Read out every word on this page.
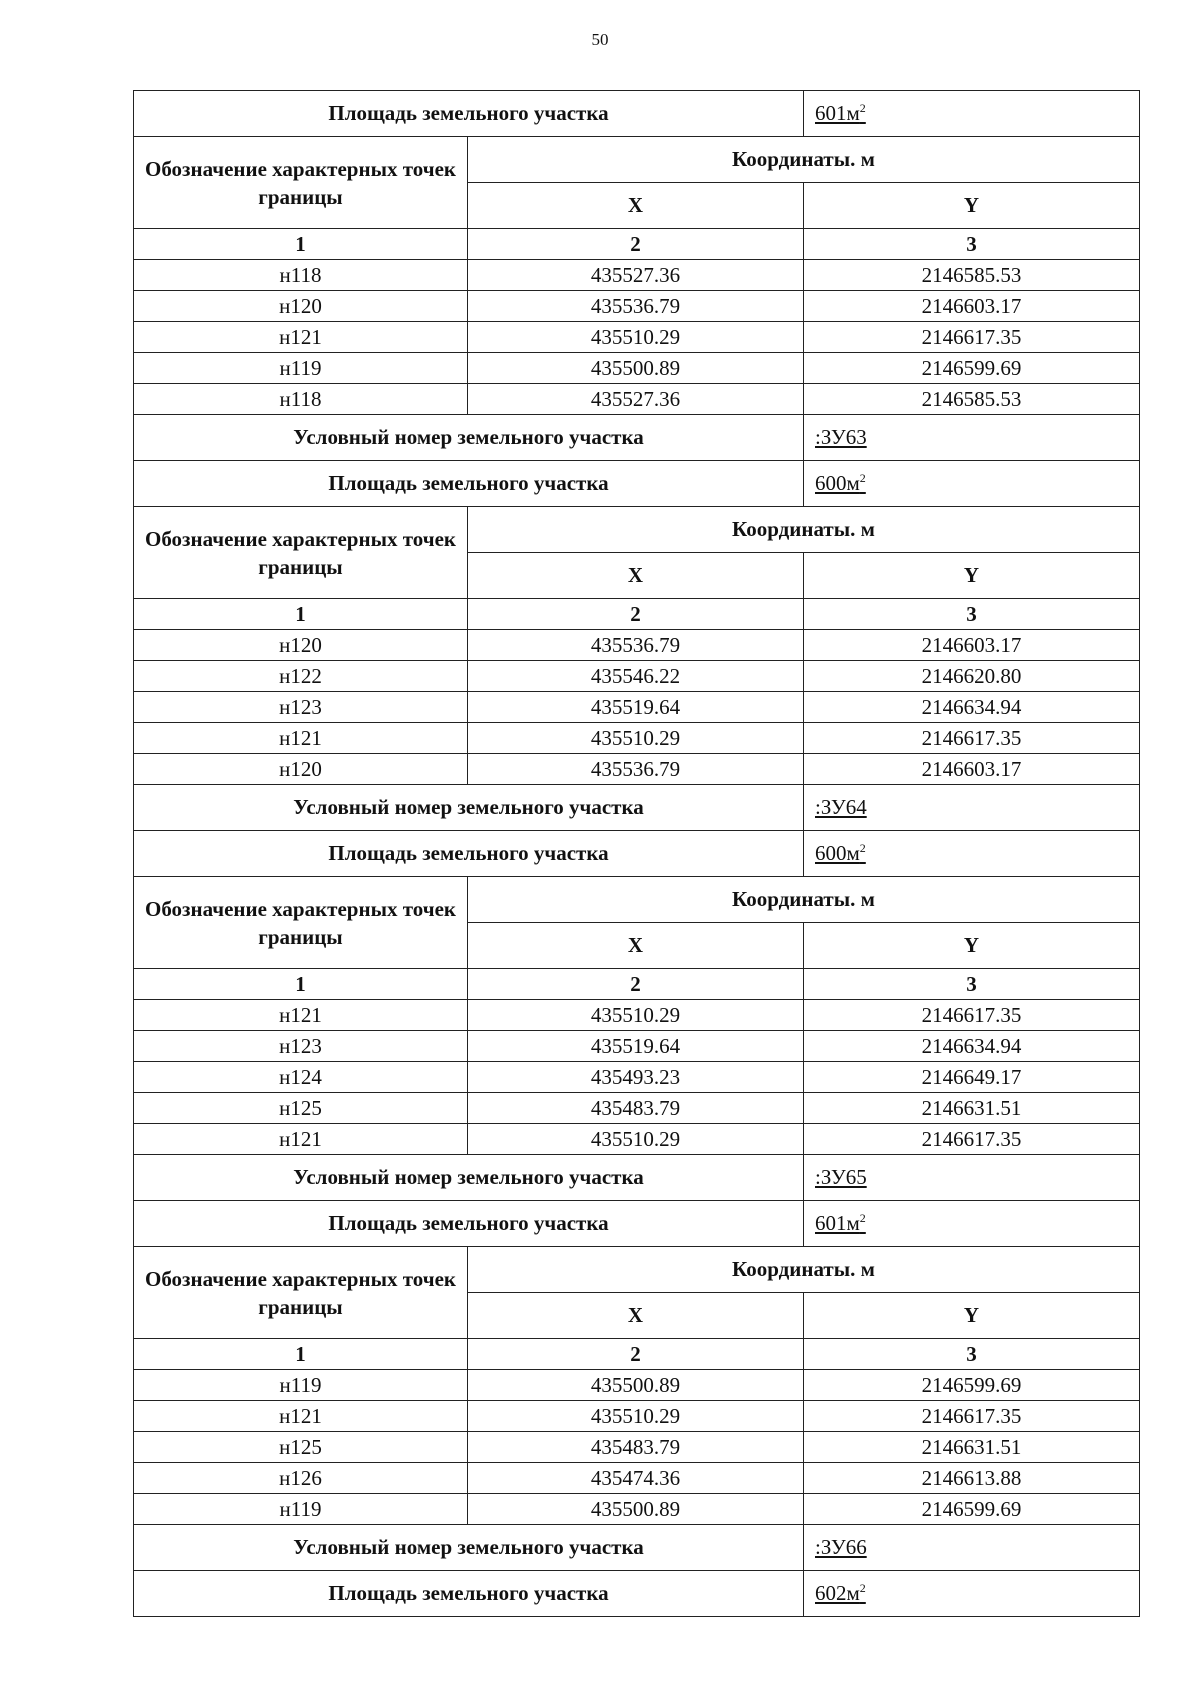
50
Площадь земельного участка		$601м^2$
Обозначение характерных точек границы	Координаты. м	
	X	Y
1	2	3
н118	435527.36	2146585.53
н120	435536.79	2146603.17
н121	435510.29	2146617.35
н119	435500.89	2146599.69
н118	435527.36	2146585.53
Условный номер земельного участка		:ЗУ63
Площадь земельного участка		$600м^2$
Обозначение характерных точек границы	Координаты. м	
	X	Y
1	2	3
н120	435536.79	2146603.17
н122	435546.22	2146620.80
н123	435519.64	2146634.94
н121	435510.29	2146617.35
н120	435536.79	2146603.17
Условный номер земельного участка		:ЗУ64
Площадь земельного участка		$600м^2$
Обозначение характерных точек границы	Координаты. м	
	X	Y
1	2	3
н121	435510.29	2146617.35
н123	435519.64	2146634.94
н124	435493.23	2146649.17
н125	435483.79	2146631.51
н121	435510.29	2146617.35
Условный номер земельного участка		:ЗУ65
Площадь земельного участка		$601м^2$
Обозначение характерных точек границы	Координаты. м	
	X	Y
1	2	3
н119	435500.89	2146599.69
н121	435510.29	2146617.35
н125	435483.79	2146631.51
н126	435474.36	2146613.88
н119	435500.89	2146599.69
Условный номер земельного участка		:ЗУ66
Площадь земельного участка		$602м^2$
